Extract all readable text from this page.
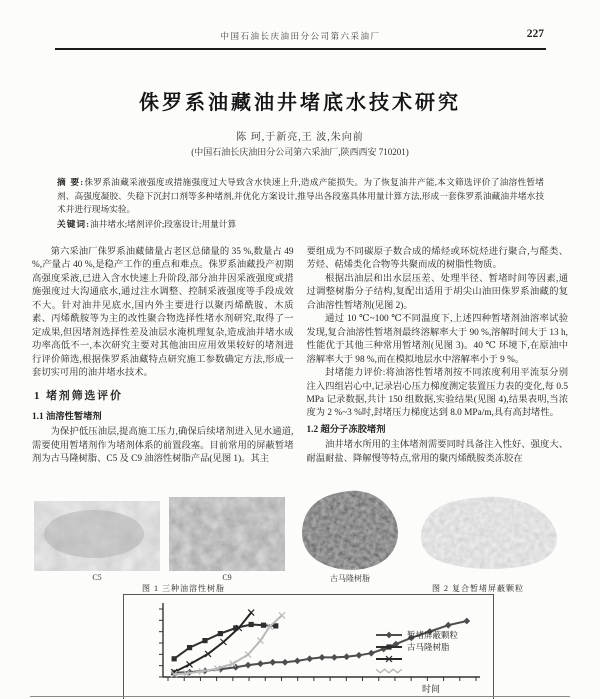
中国石油长庆油田分公司第六采油厂	227
侏罗系油藏油井堵底水技术研究
陈 珂,于新亮,王 波,朱向前
(中国石油长庆油田分公司第六采油厂,陕西西安 710201)
摘 要:侏罗系油藏采液强度或措施强度过大导致含水快速上升,造成产能损失。为了恢复油井产能,本文筛选评价了油溶性暂堵剂、高强度凝胶、失稳下沉封口剂等多种堵剂,并优化方案设计,推导出各段塞具体用量计算方法,形成一套侏罗系油藏油井堵水技术并进行现场实验。
关键词:油井堵水;堵剂评价;段塞设计;用量计算

第六采油厂侏罗系油藏储量占老区总储量的 35 %,数量占 49 %,产量占 40 %,是稳产工作的重点和难点。侏罗系油藏投产初期高强度采液,已进入含水快速上升阶段,部分油井因采液强度或措施强度过大沟通底水,通过注水调整、控制采液强度等手段成效不大。针对油井见底水,国内外主要进行以聚丙烯酰胺、木质素、丙烯酰胺等为主的改性聚合物选择性堵水剂研究,取得了一定成果,但因堵剂选择性差及油层水淹机理复杂,造成油井堵水成功率高低不一,本次研究主要对其他油田应用效果较好的堵剂进行评价筛选,根据侏罗系油藏特点研究施工参数确定方法,形成一套切实可用的油井堵水技术。

1 堵剂筛选评价
1.1 油溶性暂堵剂

为保护低压油层,提高施工压力,确保后续堵剂进入见水通道,需要使用暂堵剂作为堵剂体系的前置段塞。目前常用的屏蔽暂堵剂为古马隆树脂、C5 及 C9 油溶性树脂产品(见图 1)。其主

要组成为不同碳原子数合成的烯烃或环烷烃进行聚合,与醛类、芳烃、萜烯类化合物等共聚而成的树脂性物质。

根据出油层和出水层压差、处理半径、暂堵时间等因素,通过调整树脂分子结构,复配出适用于胡尖山油田侏罗系油藏的复合油溶性暂堵剂(见图 2)。

通过 10 ℃~100 ℃不同温度下,上述四种暂堵剂油溶率试验发现,复合油溶性暂堵剂最终溶解率大于 90 %,溶解时间大于 13 h,性能优于其他三种常用暂堵剂(见图 3)。40 ℃ 环境下,在原油中溶解率大于 98 %,而在模拟地层水中溶解率小于 9 %。

封堵能力评价:将油溶性暂堵剂按不同浓度利用平流泵分别注入四组岩心中,记录岩心压力梯度测定装置压力表的变化,每 0.5 MPa 记录数据,共计 150 组数据,实验结果(见图 4),结果表明,当浓度为 2 %~3 %时,封堵压力梯度达到 8.0 MPa/m,具有高封堵性。

1.2 超分子冻胶堵剂

油井堵水所用的主体堵剂需要同时具备注入性好、强度大、耐温耐盐、降解慢等特点,常用的聚丙烯酰胺类冻胶在

C5	C9	古马隆树脂
图 1 三种油溶性树脂	图 2 复合暂堵屏蔽颗粒
暂堵屏蔽颗粒
古马隆树脂
时间
